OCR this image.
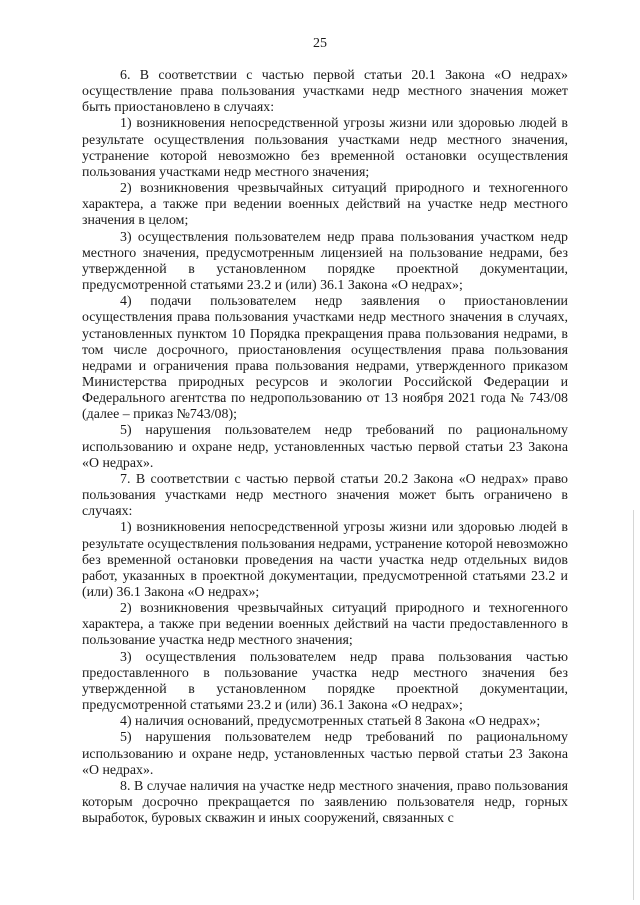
25

6. В соответствии с частью первой статьи 20.1 Закона «О недрах» осуществление права пользования участками недр местного значения может быть приостановлено в случаях:

1) возникновения непосредственной угрозы жизни или здоровью людей в результате осуществления пользования участками недр местного значения, устранение которой невозможно без временной остановки осуществления пользования участками недр местного значения;

2) возникновения чрезвычайных ситуаций природного и техногенного характера, а также при ведении военных действий на участке недр местного значения в целом;

3) осуществления пользователем недр права пользования участком недр местного значения, предусмотренным лицензией на пользование недрами, без утвержденной в установленном порядке проектной документации, предусмотренной статьями 23.2 и (или) 36.1 Закона «О недрах»;

4) подачи пользователем недр заявления о приостановлении осуществления права пользования участками недр местного значения в случаях, установленных пунктом 10 Порядка прекращения права пользования недрами, в том числе досрочного, приостановления осуществления права пользования недрами и ограничения права пользования недрами, утвержденного приказом Министерства природных ресурсов и экологии Российской Федерации и Федерального агентства по недропользованию от 13 ноября 2021 года № 743/08 (далее – приказ №743/08);

5) нарушения пользователем недр требований по рациональному использованию и охране недр, установленных частью первой статьи 23 Закона «О недрах».

7. В соответствии с частью первой статьи 20.2 Закона «О недрах» право пользования участками недр местного значения может быть ограничено в случаях:

1) возникновения непосредственной угрозы жизни или здоровью людей в результате осуществления пользования недрами, устранение которой невозможно без временной остановки проведения на части участка недр отдельных видов работ, указанных в проектной документации, предусмотренной статьями 23.2 и (или) 36.1 Закона «О недрах»;

2) возникновения чрезвычайных ситуаций природного и техногенного характера, а также при ведении военных действий на части предоставленного в пользование участка недр местного значения;

3) осуществления пользователем недр права пользования частью предоставленного в пользование участка недр местного значения без утвержденной в установленном порядке проектной документации, предусмотренной статьями 23.2 и (или) 36.1 Закона «О недрах»;

4) наличия оснований, предусмотренных статьей 8 Закона «О недрах»;

5) нарушения пользователем недр требований по рациональному использованию и охране недр, установленных частью первой статьи 23 Закона «О недрах».

8. В случае наличия на участке недр местного значения, право пользования которым досрочно прекращается по заявлению пользователя недр, горных выработок, буровых скважин и иных сооружений, связанных с
